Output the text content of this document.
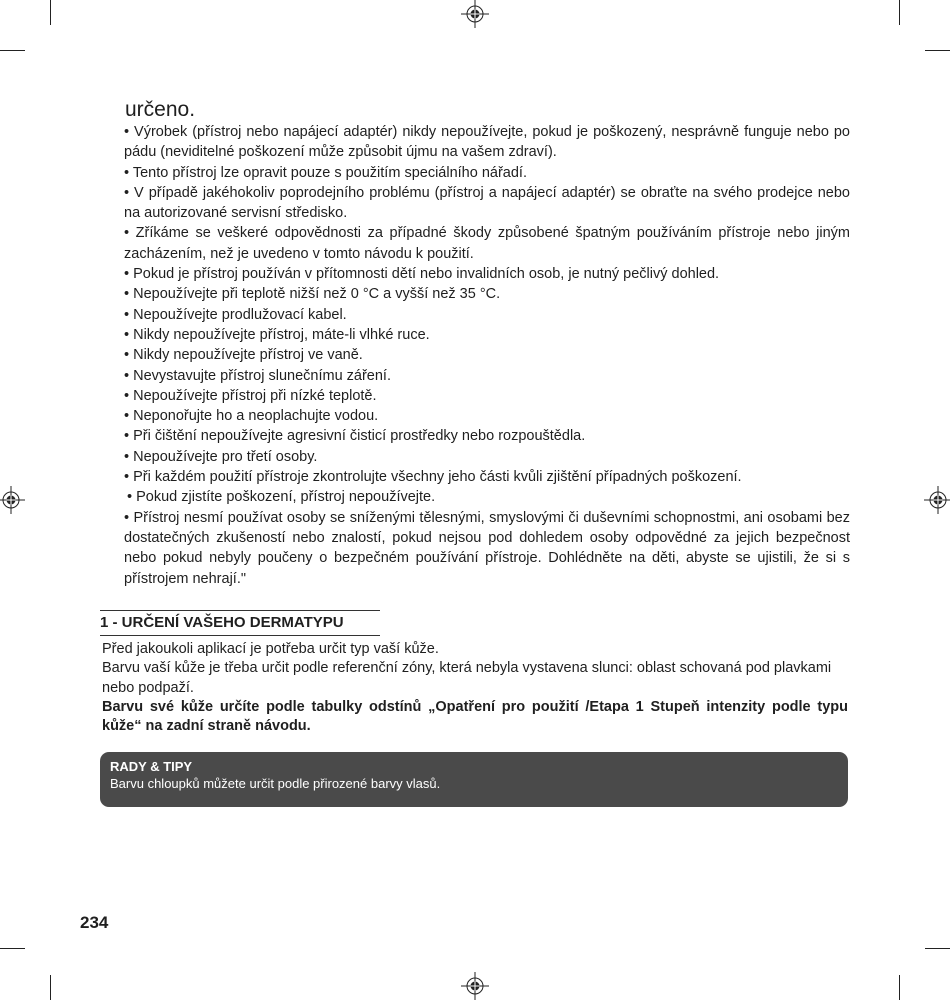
určeno.

• Výrobek (přístroj nebo napájecí adaptér) nikdy nepoužívejte, pokud je poškozený, nesprávně funguje nebo po pádu (neviditelné poškození může způsobit újmu na vašem zdraví).

• Tento přístroj lze opravit pouze s použitím speciálního nářadí.

• V případě jakéhokoliv poprodejního problému (přístroj a napájecí adaptér) se obraťte na svého prodejce nebo na autorizované servisní středisko.

• Zříkáme se veškeré odpovědnosti za případné škody způsobené špatným používáním přístroje nebo jiným zacházením, než je uvedeno v tomto návodu k použití.

• Pokud je přístroj používán v přítomnosti dětí nebo invalidních osob, je nutný pečlivý dohled.

• Nepoužívejte při teplotě nižší než 0 °C a vyšší než 35 °C.

• Nepoužívejte prodlužovací kabel.

• Nikdy nepoužívejte přístroj, máte-li vlhké ruce.

• Nikdy nepoužívejte přístroj ve vaně.

• Nevystavujte přístroj slunečnímu záření.

• Nepoužívejte přístroj při nízké teplotě.

• Neponořujte ho a neoplachujte vodou.

• Při čištění nepoužívejte agresivní čisticí prostředky nebo rozpouštědla.

• Nepoužívejte pro třetí osoby.

• Při každém použití přístroje zkontrolujte všechny jeho části kvůli zjištění případných poškození.

• Pokud zjistíte poškození, přístroj nepoužívejte.

• Přístroj nesmí používat osoby se sníženými tělesnými, smyslovými či duševními schopnostmi, ani osobami bez dostatečných zkušeností nebo znalostí, pokud nejsou pod dohledem osoby odpovědné za jejich bezpečnost nebo pokud nebyly poučeny o bezpečném používání přístroje. Dohlédněte na děti, abyste se ujistili, že si s přístrojem nehrají."

1 - URČENÍ VAŠEHO DERMATYPU

Před jakoukoli aplikací je potřeba určit typ vaší kůže.

Barvu vaší kůže je třeba určit podle referenční zóny, která nebyla vystavena slunci: oblast schovaná pod plavkami nebo podpaží.

Barvu své kůže určíte podle tabulky odstínů „Opatření pro použití /Etapa 1 Stupeň intenzity podle typu kůže“ na zadní straně návodu.

RADY & TIPY
Barvu chloupků můžete určit podle přirozené barvy vlasů.
234
